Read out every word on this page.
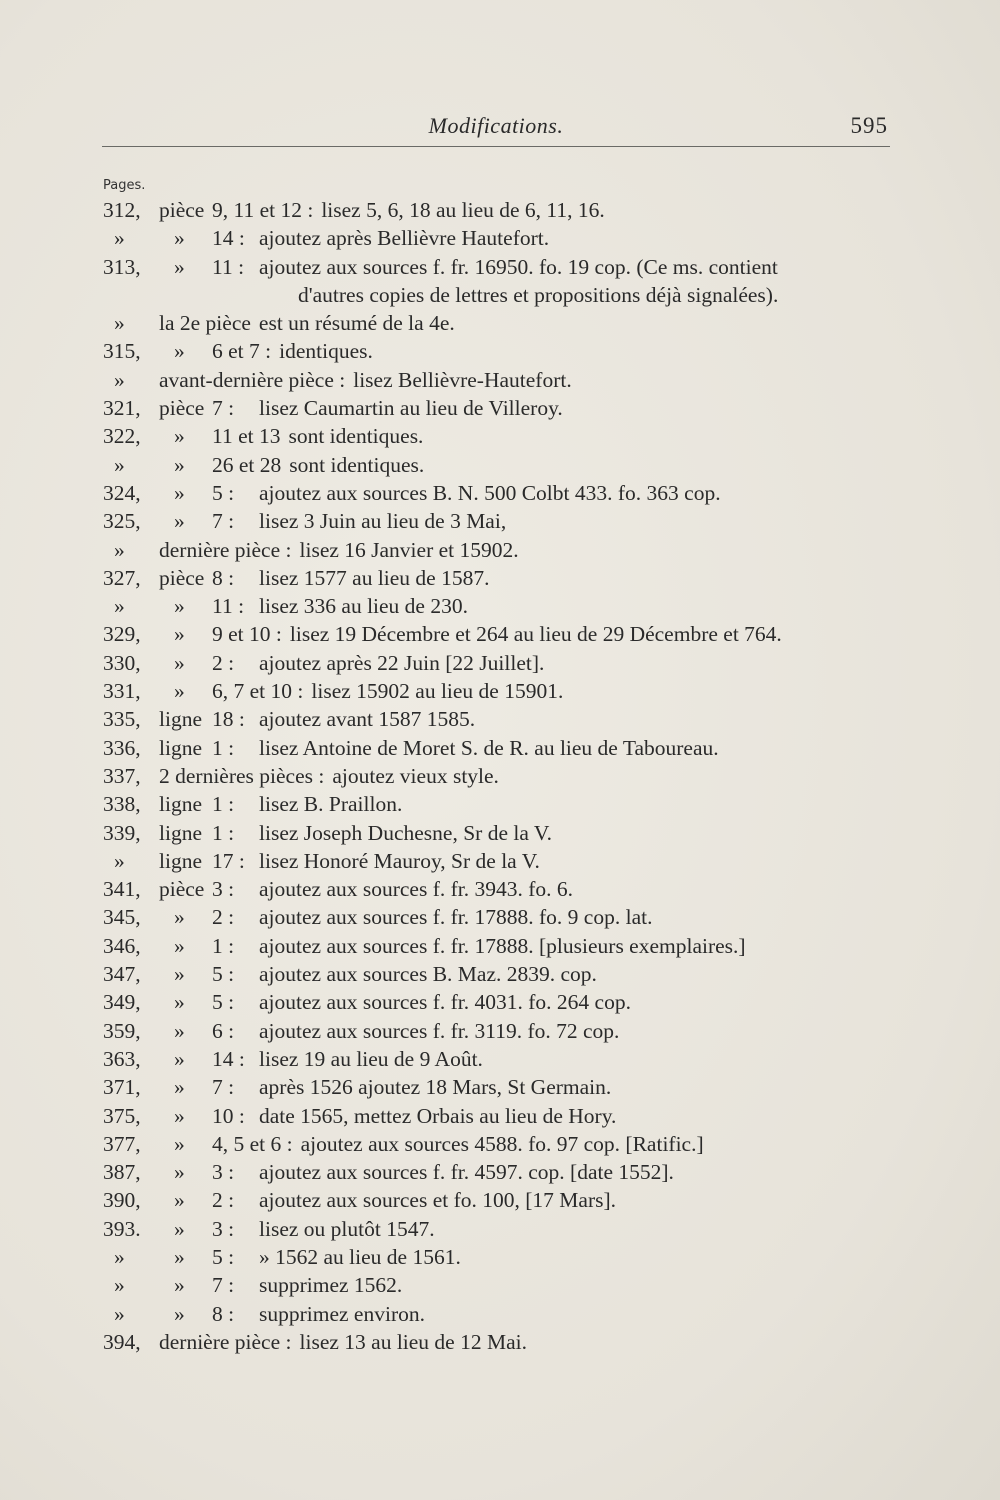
Modifications.	595
Pages.
312, pièce 9, 11 et 12 : lisez 5, 6, 18 au lieu de 6, 11, 16.
» » 14 : ajoutez après Bellièvre Hautefort.
313, » 11 : ajoutez aux sources f. fr. 16950. fo. 19 cop. (Ce ms. contient
d'autres copies de lettres et propositions déjà signalées).
» la 2e pièce est un résumé de la 4e.
315, » 6 et 7 : identiques.
» avant-dernière pièce : lisez Bellièvre-Hautefort.
321, pièce 7 : lisez Caumartin au lieu de Villeroy.
322, » 11 et 13 sont identiques.
» » 26 et 28 sont identiques.
324, » 5 : ajoutez aux sources B. N. 500 Colbt 433. fo. 363 cop.
325, » 7 : lisez 3 Juin au lieu de 3 Mai,
» dernière pièce : lisez 16 Janvier et 15902.
327, pièce 8 : lisez 1577 au lieu de 1587.
» » 11 : lisez 336 au lieu de 230.
329, » 9 et 10 : lisez 19 Décembre et 264 au lieu de 29 Décembre et 764.
330, » 2 : ajoutez après 22 Juin [22 Juillet].
331, » 6, 7 et 10 : lisez 15902 au lieu de 15901.
335, ligne 18 : ajoutez avant 1587 1585.
336, ligne 1 : lisez Antoine de Moret S. de R. au lieu de Taboureau.
337, 2 dernières pièces : ajoutez vieux style.
338, ligne 1 : lisez B. Praillon.
339, ligne 1 : lisez Joseph Duchesne, Sr de la V.
» ligne 17 : lisez Honoré Mauroy, Sr de la V.
341, pièce 3 : ajoutez aux sources f. fr. 3943. fo. 6.
345, » 2 : ajoutez aux sources f. fr. 17888. fo. 9 cop. lat.
346, » 1 : ajoutez aux sources f. fr. 17888. [plusieurs exemplaires.]
347, » 5 : ajoutez aux sources B. Maz. 2839. cop.
349, » 5 : ajoutez aux sources f. fr. 4031. fo. 264 cop.
359, » 6 : ajoutez aux sources f. fr. 3119. fo. 72 cop.
363, » 14 : lisez 19 au lieu de 9 Août.
371, » 7 : après 1526 ajoutez 18 Mars, St Germain.
375, » 10 : date 1565, mettez Orbais au lieu de Hory.
377, » 4, 5 et 6 : ajoutez aux sources 4588. fo. 97 cop. [Ratific.]
387, » 3 : ajoutez aux sources f. fr. 4597. cop. [date 1552].
390, » 2 : ajoutez aux sources et fo. 100, [17 Mars].
393. » 3 : lisez ou plutôt 1547.
» » 5 : » 1562 au lieu de 1561.
» » 7 : supprimez 1562.
» » 8 : supprimez environ.
394, dernière pièce : lisez 13 au lieu de 12 Mai.
